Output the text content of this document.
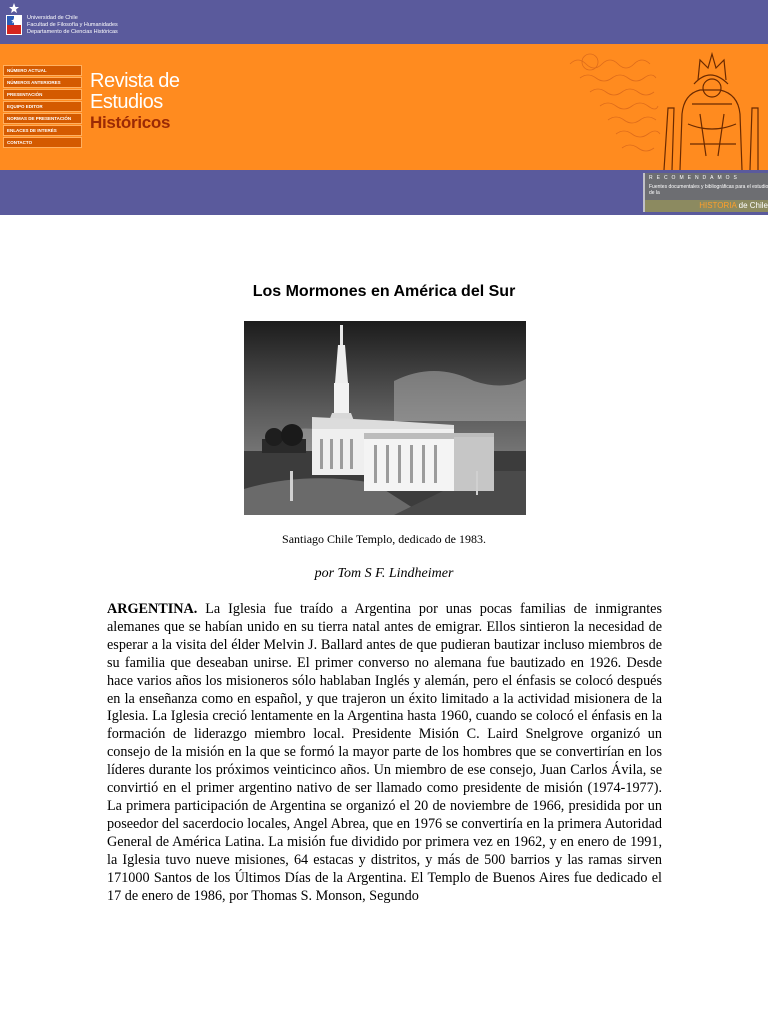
Universidad de Chile
Facultad de Filosofía y Humanidades
Departamento de Ciencias Históricas
NÚMERO ACTUAL
NÚMEROS ANTERIORES
PRESENTACIÓN
EQUIPO EDITOR
NORMAS DE PRESENTACIÓN
ENLACES DE INTERÉS
CONTACTO
Revista de
Estudios
Históricos
RECOMENDAMOS
Fuentes documentales y bibliográficas para el estudio de la
HISTORIA de Chile
Los Mormones en América del Sur

Santiago Chile Templo, dedicado de 1983.

por Tom S F. Lindheimer

ARGENTINA. La Iglesia fue traído a Argentina por unas pocas familias de inmigrantes alemanes que se habían unido en su tierra natal antes de emigrar. Ellos sintieron la necesidad de esperar a la visita del élder Melvin J. Ballard antes de que pudieran bautizar incluso miembros de su familia que deseaban unirse. El primer converso no alemana fue bautizado en 1926. Desde hace varios años los misioneros sólo hablaban Inglés y alemán, pero el énfasis se colocó después en la enseñanza como en español, y que trajeron un éxito limitado a la actividad misionera de la Iglesia. La Iglesia creció lentamente en la Argentina hasta 1960, cuando se colocó el énfasis en la formación de liderazgo miembro local. Presidente Misión C. Laird Snelgrove organizó un consejo de la misión en la que se formó la mayor parte de los hombres que se convertirían en los líderes durante los próximos veinticinco años. Un miembro de ese consejo, Juan Carlos Ávila, se convirtió en el primer argentino nativo de ser llamado como presidente de misión (1974-1977). La primera participación de Argentina se organizó el 20 de noviembre de 1966, presidida por un poseedor del sacerdocio locales, Angel Abrea, que en 1976 se convertiría en la primera Autoridad General de América Latina. La misión fue dividido por primera vez en 1962, y en enero de 1991, la Iglesia tuvo nueve misiones, 64 estacas y distritos, y más de 500 barrios y las ramas sirven 171000 Santos de los Últimos Días de la Argentina. El Templo de Buenos Aires fue dedicado el 17 de enero de 1986, por Thomas S. Monson, Segundo
